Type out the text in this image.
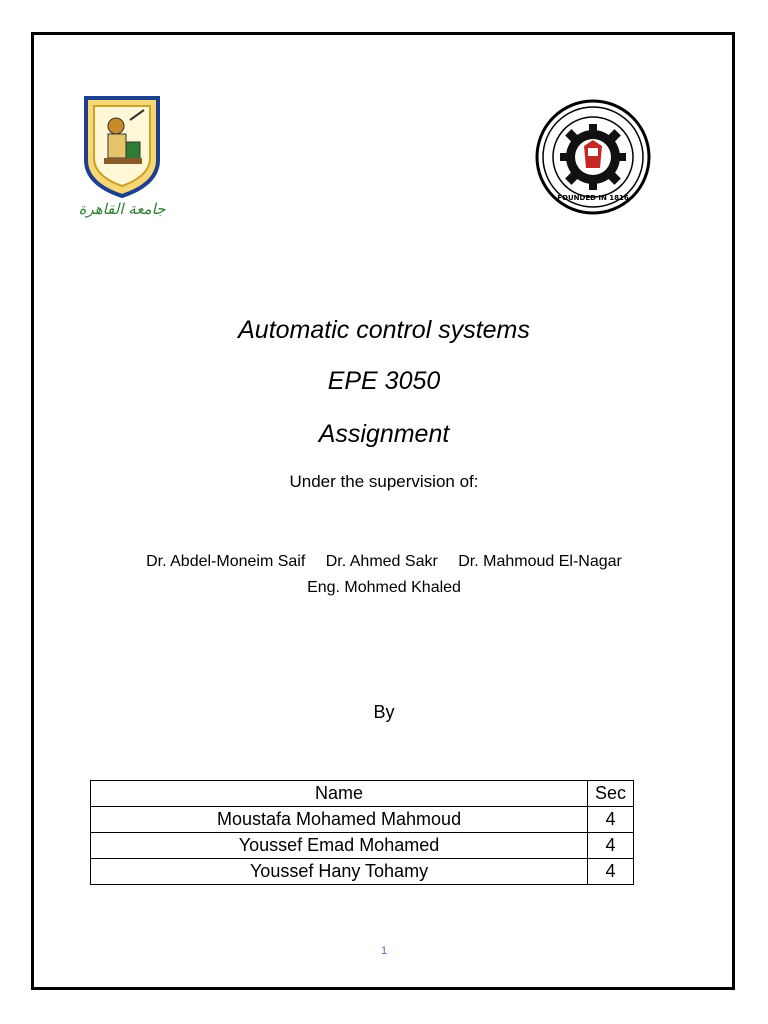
جامعة القاهرة
FOUNDED IN 1816
Automatic control systems
EPE 3050
Assignment
Under the supervision of:
Dr. Abdel-Moneim Saif Dr. Ahmed Sakr Dr. Mahmoud El-Nagar
Eng. Mohmed Khaled
By
Name	Sec
Moustafa Mohamed Mahmoud	4
Youssef Emad Mohamed	4
Youssef Hany Tohamy	4
1
